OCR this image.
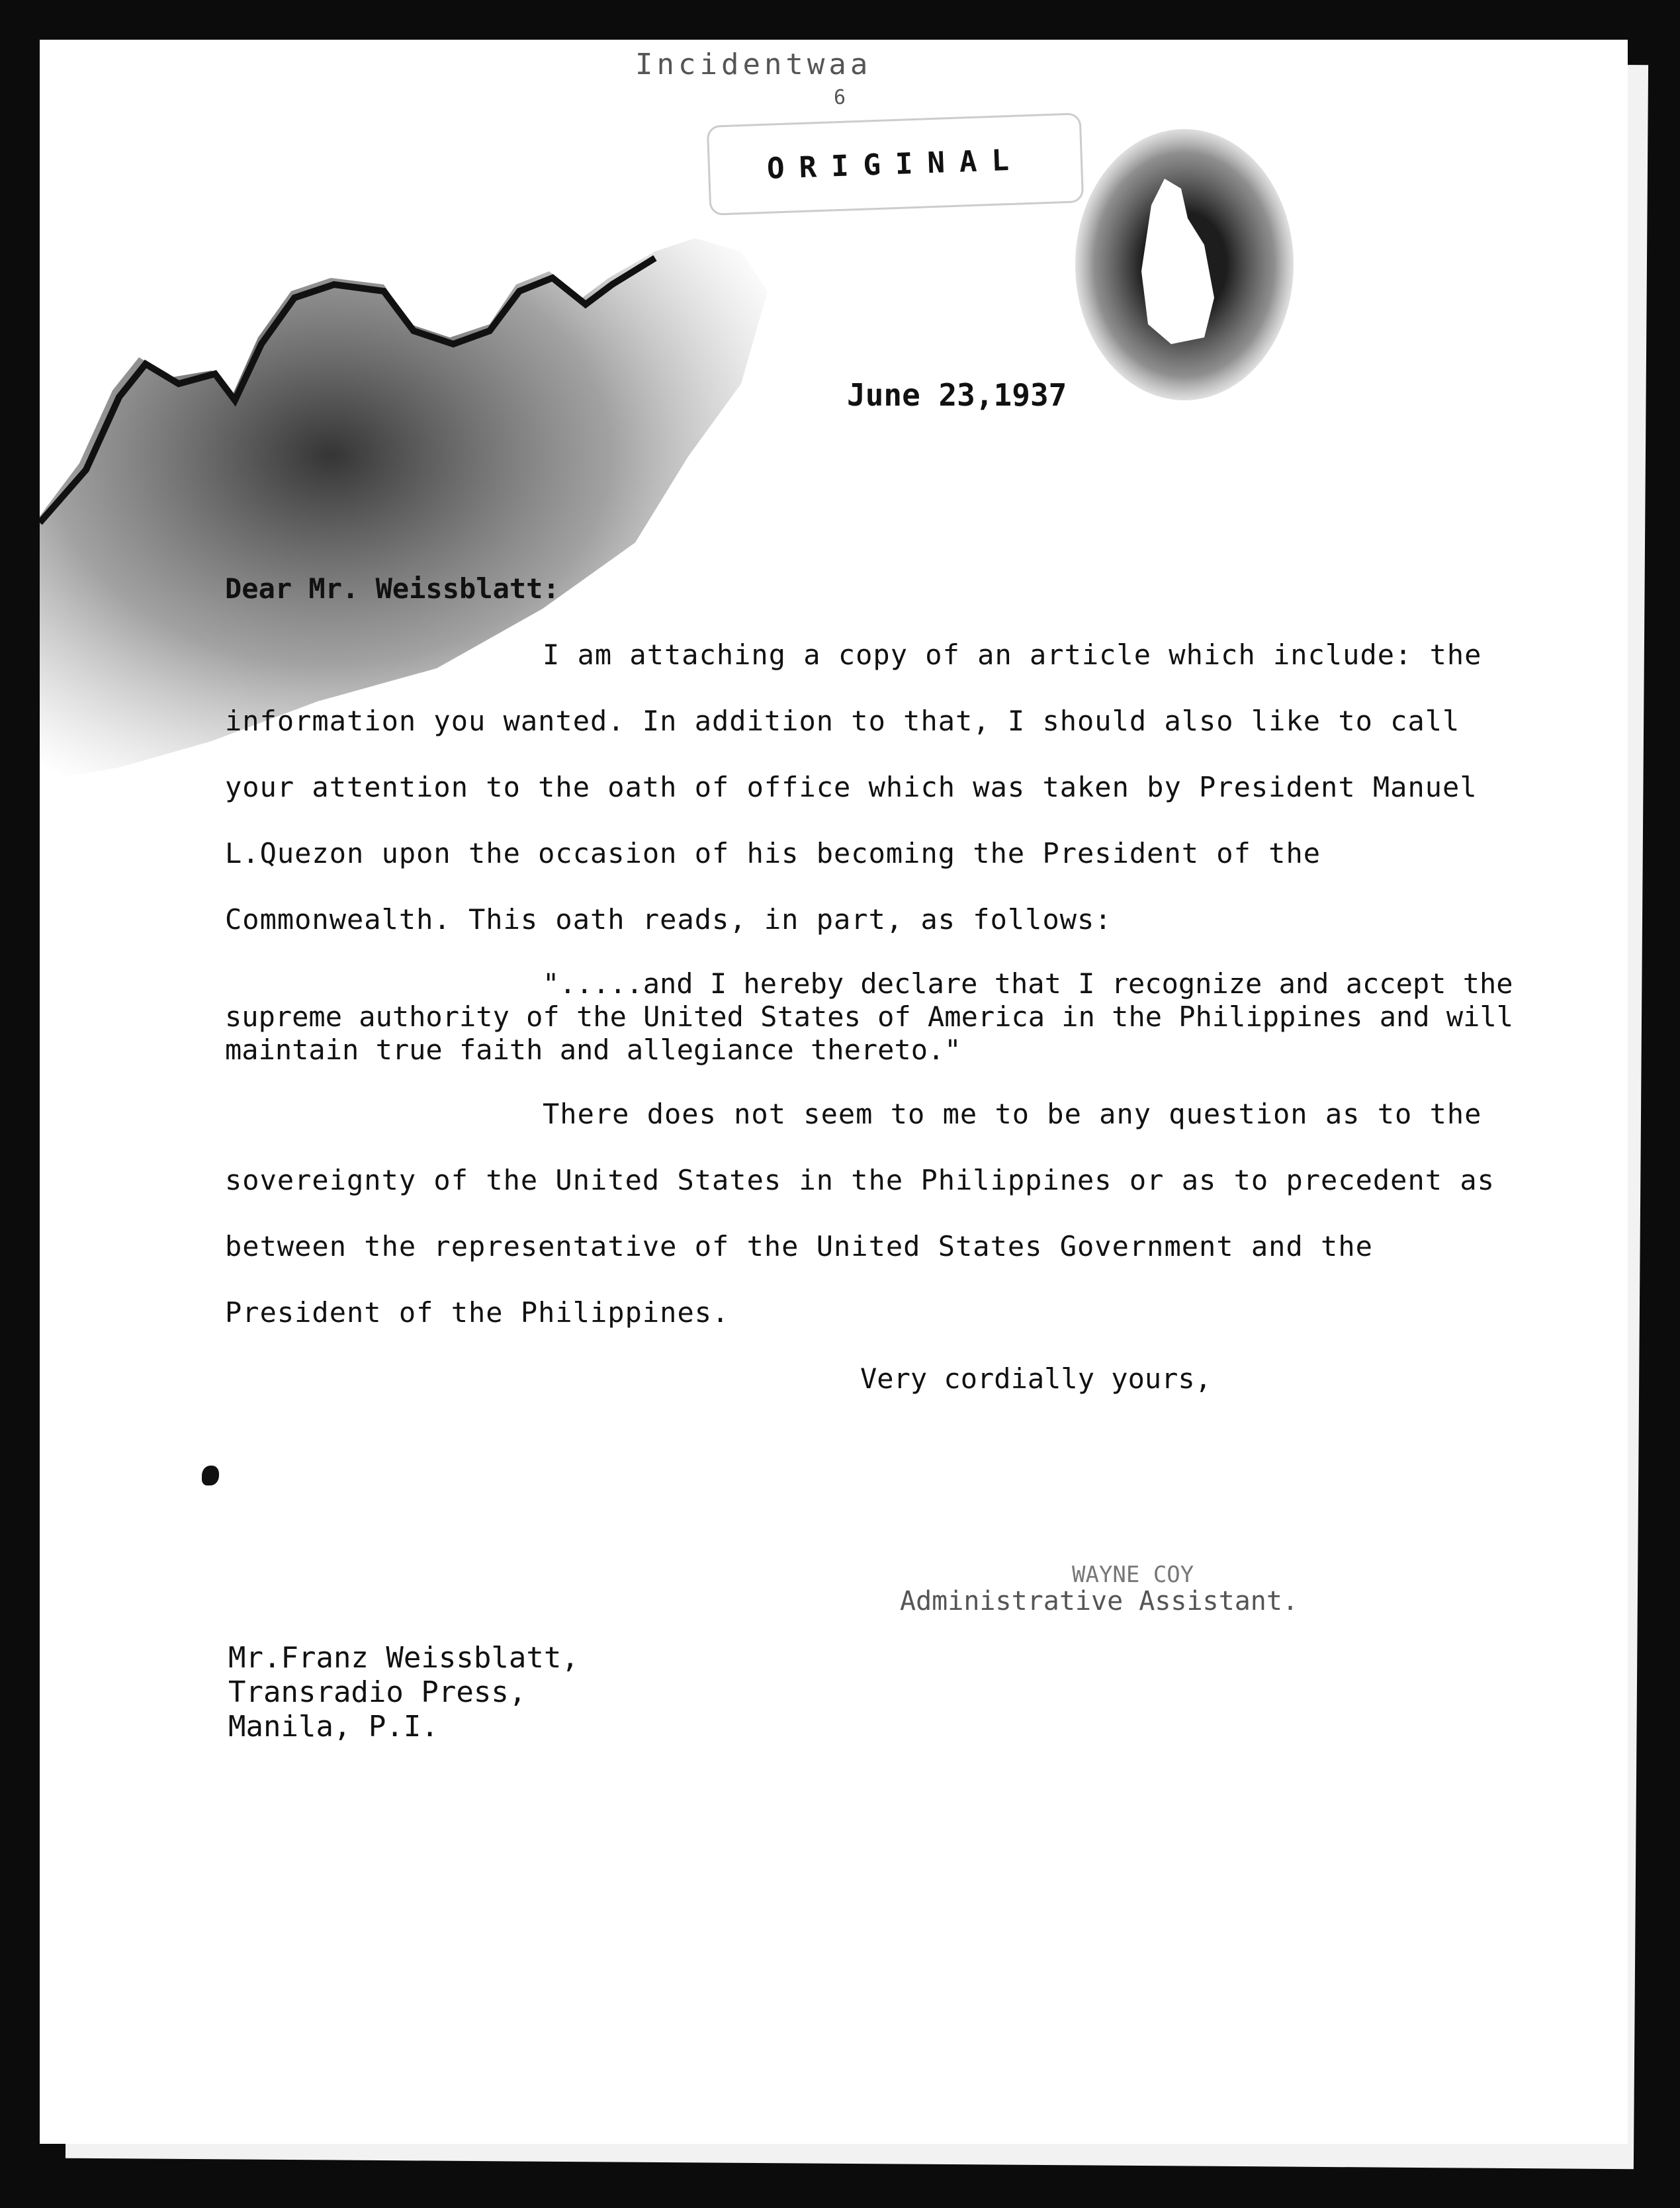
Incidentwaa
6
ORIGINAL
June 23,1937

Dear Mr. Weissblatt:

I am attaching a copy of an article which include: the information you wanted. In addition to that, I should also like to call your attention to the oath of office which was taken by President Manuel L.Quezon upon the occasion of his becoming the President of the Commonwealth. This oath reads, in part, as follows:

".....and I hereby declare that I recognize and accept the supreme authority of the United States of America in the Philippines and will maintain true faith and allegiance thereto."

There does not seem to me to be any question as to the sovereignty of the United States in the Philippines or as to precedent as between the representative of the United States Government and the President of the Philippines.

Very cordially yours,

WAYNE COY
Administrative Assistant.
Mr.Franz Weissblatt,
Transradio Press,
Manila, P.I.
